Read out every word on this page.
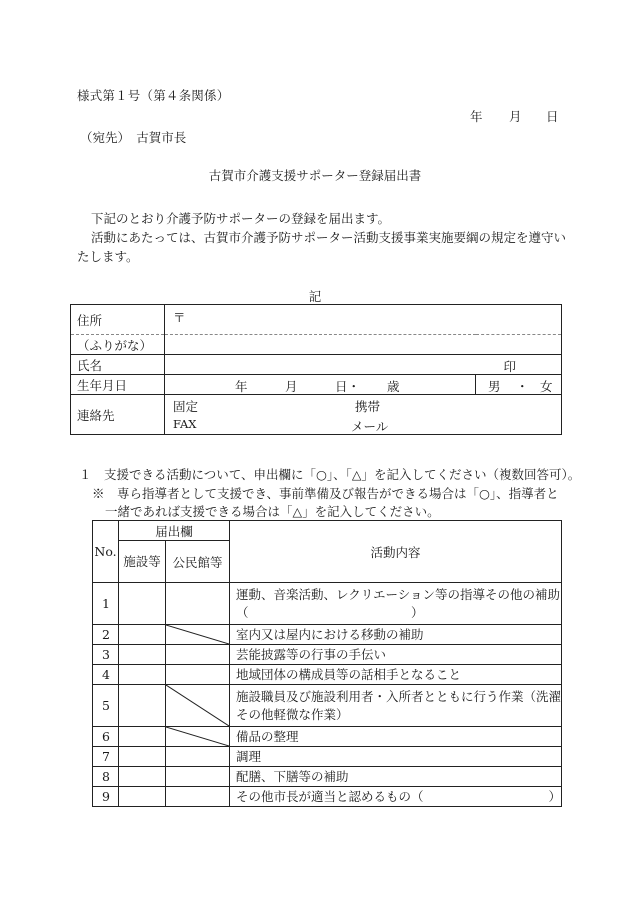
様式第１号（第４条関係）
年 月 日
（宛先）　古賀市長
古賀市介護支援サポーター登録届出書
下記のとおり介護予防サポーターの登録を届出ます。
活動にあたっては、古賀市介護予防サポーター活動支援事業実施要綱の規定を遵守い
たします。
記
住所	〒	
（ふりがな）		
氏名	印	

生年月日	年 月 日・ 歳	男 ・ 女

連絡先	固定 携帯	

	FAX メール	
１　支援できる活動について、申出欄に「○」、「△」を記入してください（複数回答可）。
※　専ら指導者として支援でき、事前準備及び報告ができる場合は「○」、指導者と
一緒であれば支援できる場合は「△」を記入してください。
No.	届出欄		活動内容
	施設等	公民館等	
1			運動、音楽活動、レクリエーション等の指導その他の補助
（　　　　　　　　　　　　　）

2			室内又は屋内における移動の補助
3			芸能披露等の行事の手伝い
4			地域団体の構成員等の話相手となること
5			施設職員及び施設利用者・入所者とともに行う作業（洗濯
その他軽微な作業）

6			備品の整理
7			調理
8			配膳、下膳等の補助
9			その他市長が適当と認めるもの（　　　　　　　　　　）
